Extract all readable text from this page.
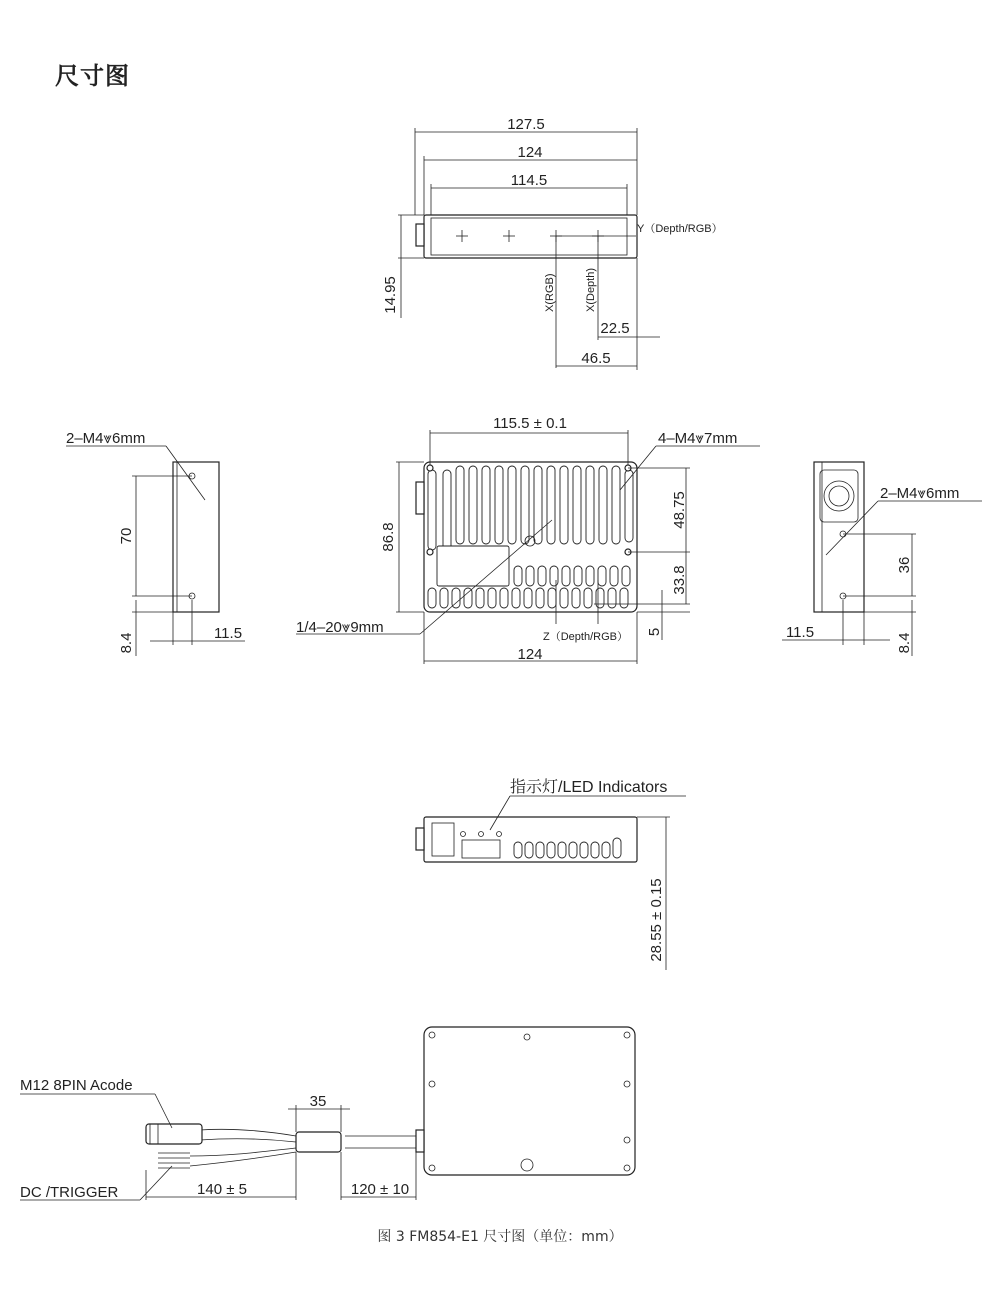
尺寸图
127.5
124
114.5
Y（Depth/RGB）
X(RGB)	X(Depth)
14.95
22.5
46.5
2–M4⩔6mm
70
8.4	11.5
115.5 ± 0.1
4–M4⩔7mm
86.8
48.75
33.8
5
1/4–20⩔9mm
Z（Depth/RGB）
124
2–M4⩔6mm
36
8.4
11.5
指示灯/LED Indicators
28.55 ± 0.15
M12 8PIN Acode
DC /TRIGGER
35
140 ± 5	120 ± 10
图 3 FM854-E1 尺寸图（单位：mm）
